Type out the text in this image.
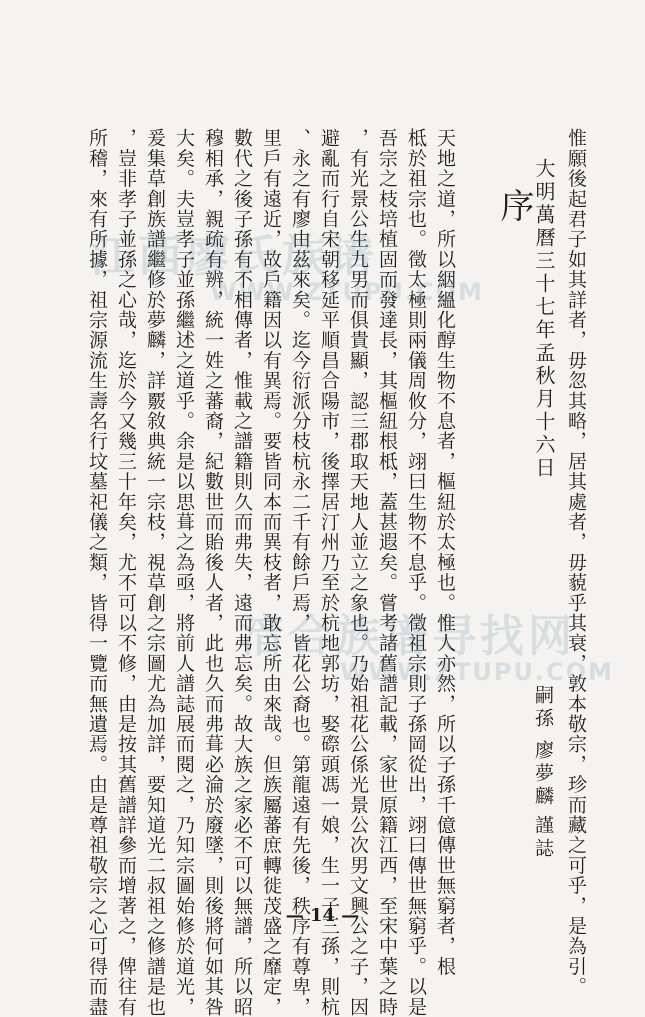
惟願後起君子如其詳者，毋忽其略，居其處者，毋藐乎其衰，敦本敬宗，珍而藏之可乎，是為引。
大明萬曆三十七年孟秋月十六日
嗣孫
廖夢麟
謹誌
序
天地之道，所以絪縕化醇生物不息者，樞紐於太極也。惟人亦然，所以子孫千億傳世無窮者，根
柢於祖宗也。徵太極則兩儀周攸分，翊曰生物不息乎。徵祖宗則子孫岡從出，翊曰傳世無窮乎。以是
吾宗之枝培植固而發達長，其樞紐根柢，蓋甚遐矣。嘗考諸舊譜記載，家世原籍江西，至宋中葉之時
，有光景公生九男而俱貴顯，認三郡取天地人並立之象也。乃始祖花公係光景公次男文興公之子，因
避亂而行自宋朝移延平順昌合陽市，後擇居汀州乃至於杭地郭坊，娶磜頭馮一娘，生一子三孫，則杭
、永之有廖由茲來矣。迄今衍派分枝杭永二千有餘戶焉，皆花公裔也。第龍遠有先後，秩序有尊卑，
里戶有遠近，故戶籍因以有異焉。要皆同本而異枝者，敢忘所由來哉。但族屬蕃庶轉徙茂盛之靡定，
數代之後子孫有不相傳者，惟載之譜籍則久而弗失，遠而弗忘矣。故大族之家必不可以無譜，所以昭
穆相承，親疏有辨，統一姓之蕃裔，紀數世而貽後人者，此也久而弗葺必淪於廢墜，則後將何如其咎
大矣。夫豈孝子並孫繼述之道乎。余是以思葺之為亟，將前人譜誌展而閱之，乃知宗圖始修於道光，
爰集草創族譜繼修於夢麟，詳覈敘典統一宗枝，視草創之宗圖尤為加詳，要知道光二叔祖之修譜是也
，豈非孝子並孫之心哉，迄於今又幾三十年矣，尤不可以不修，由是按其舊譜詳參而增著之，俾往有
所稽，來有所據，祖宗源流生壽名行坟墓祀儀之類，皆得一覽而無遺焉。由是尊祖敬宗之心可得而盡
江西廖氏族谱
WWW.ZTUPU.COM
湆合族谱寻找网
WWW.ZTUPU.COM
— 14 —
